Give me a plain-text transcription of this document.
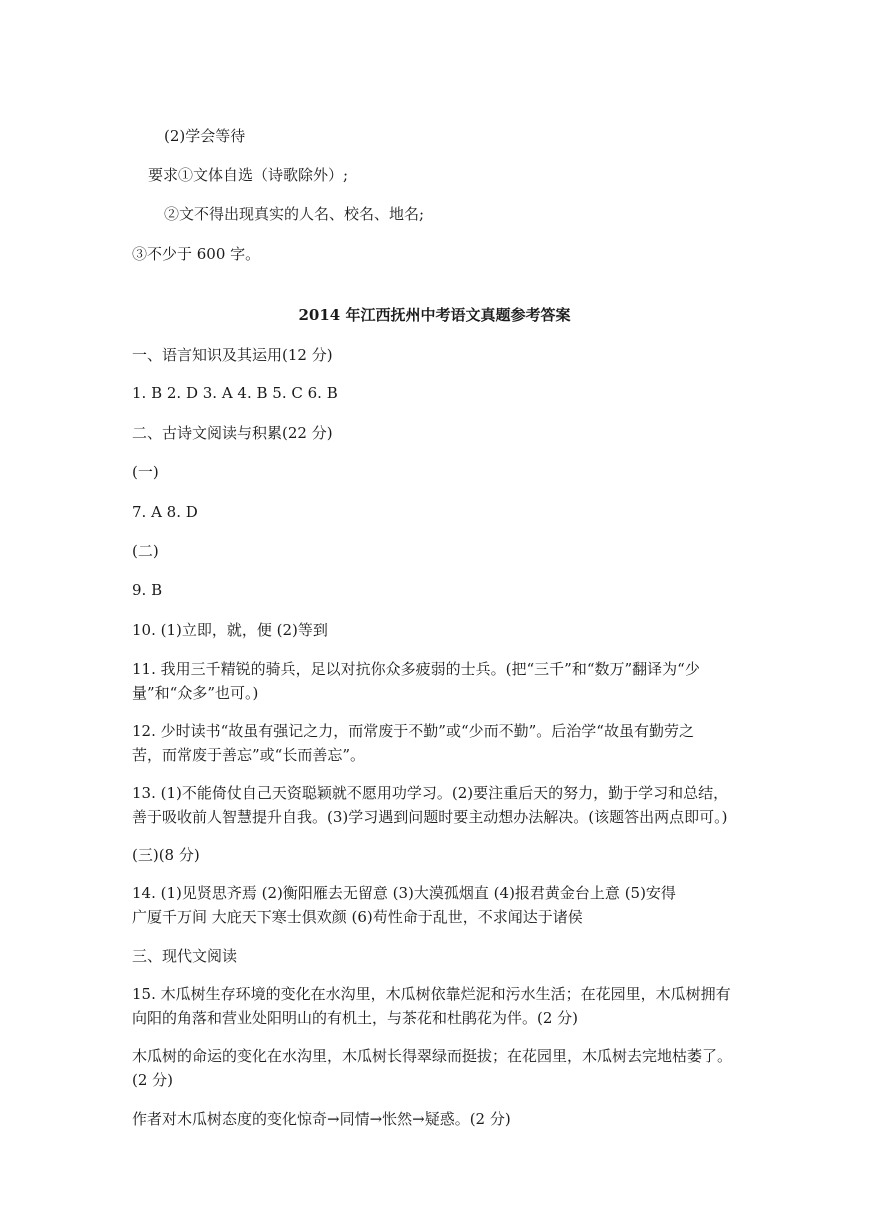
(2)学会等待
要求①文体自选（诗歌除外）;
②文不得出现真实的人名、校名、地名;
③不少于 600 字。
2014 年江西抚州中考语文真题参考答案
一、语言知识及其运用(12 分)
1. B 2. D 3. A 4. B 5. C 6. B
二、古诗文阅读与积累(22 分)
(一)
7. A 8. D
(二)
9. B
10. (1)立即，就，便 (2)等到
11. 我用三千精锐的骑兵，足以对抗你众多疲弱的士兵。(把“三千”和“数万”翻译为“少
量”和“众多”也可。)
12. 少时读书“故虽有强记之力，而常废于不勤”或“少而不勤”。后治学“故虽有勤劳之
苦，而常废于善忘”或“长而善忘”。
13. (1)不能倚仗自己天资聪颖就不愿用功学习。(2)要注重后天的努力，勤于学习和总结，
善于吸收前人智慧提升自我。(3)学习遇到问题时要主动想办法解决。(该题答出两点即可。)
(三)(8 分)
14. (1)见贤思齐焉 (2)衡阳雁去无留意 (3)大漠孤烟直 (4)报君黄金台上意 (5)安得
广厦千万间 大庇天下寒士俱欢颜 (6)苟性命于乱世，不求闻达于诸侯
三、现代文阅读
15. 木瓜树生存环境的变化在水沟里，木瓜树依靠烂泥和污水生活；在花园里，木瓜树拥有
向阳的角落和营业处阳明山的有机土，与茶花和杜鹃花为伴。(2 分)
木瓜树的命运的变化在水沟里，木瓜树长得翠绿而挺拔；在花园里，木瓜树去完地枯萎了。
(2 分)
作者对木瓜树态度的变化惊奇→同情→怅然→疑惑。(2 分)
